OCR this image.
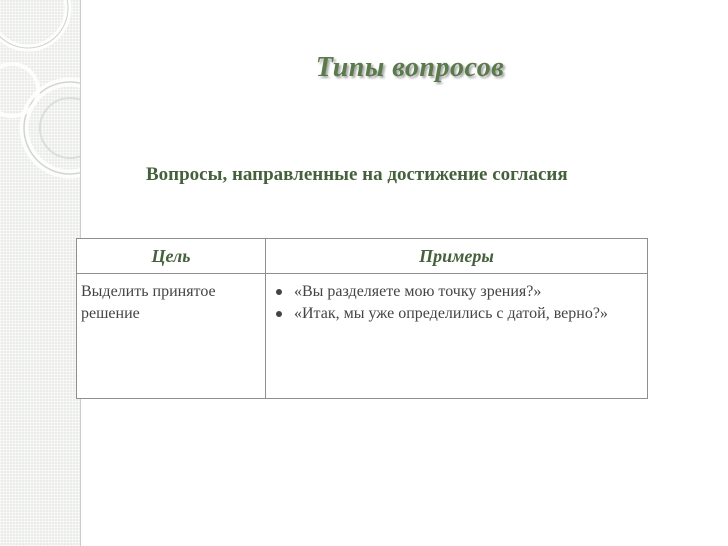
Типы вопросов
Вопросы, направленные на достижение согласия
Цель	Примеры
Выделить принятое решение
«Вы разделяете мою точку зрения?»
«Итак, мы уже определились с датой, верно?»
